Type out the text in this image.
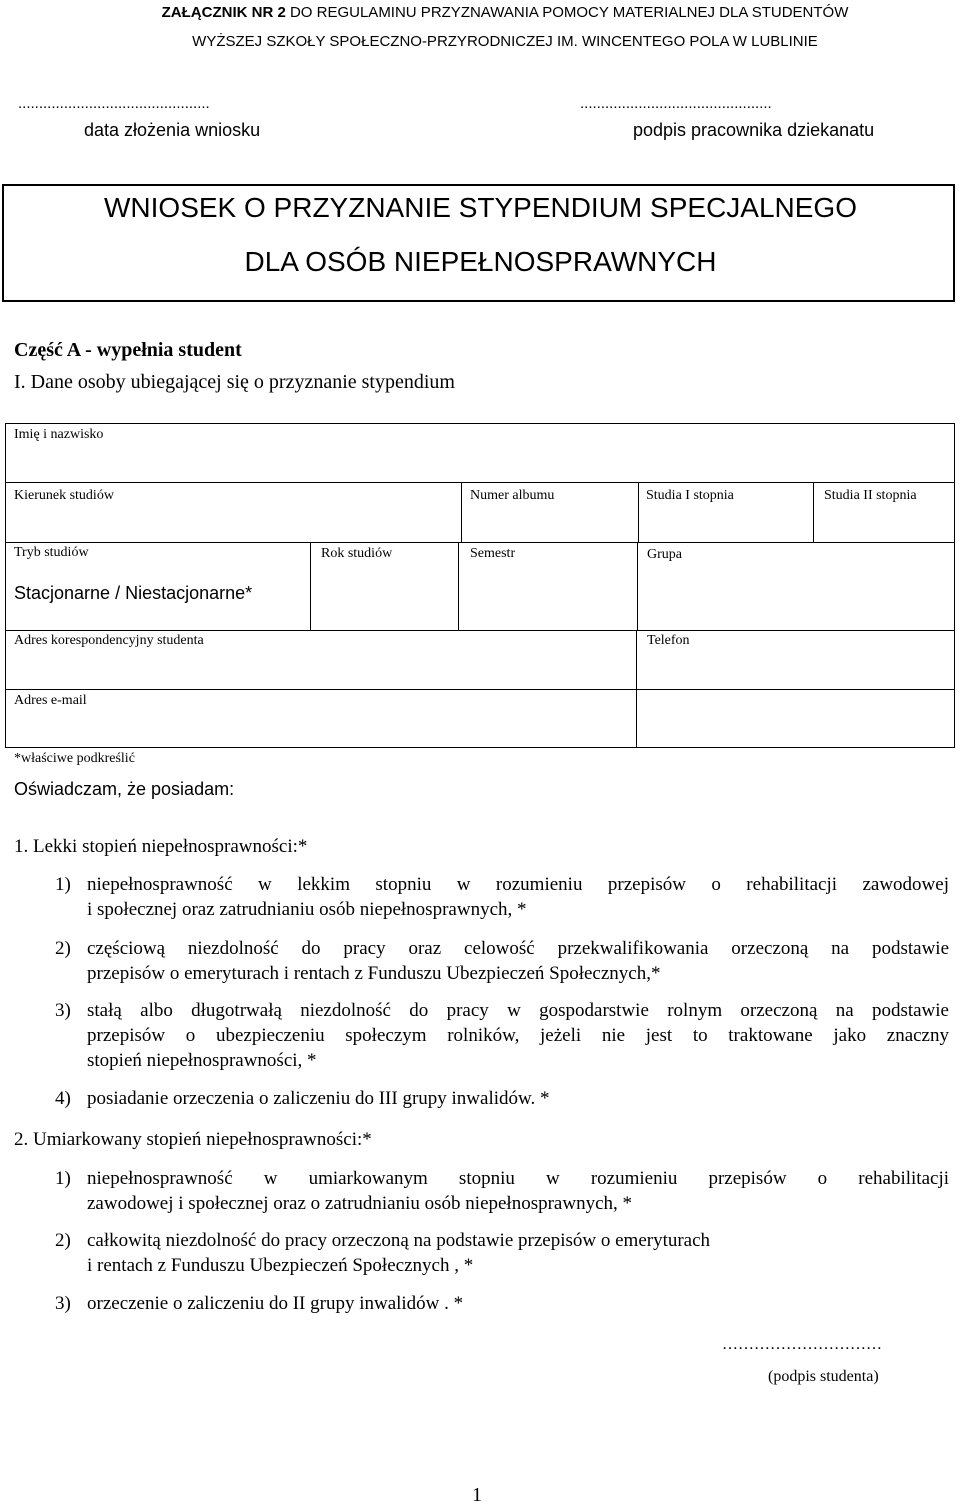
ZAŁĄCZNIK NR 2 DO REGULAMINU PRZYZNAWANIA POMOCY MATERIALNEJ DLA STUDENTÓW
WYŻSZEJ SZKOŁY SPOŁECZNO-PRZYRODNICZEJ IM. WINCENTEGO POLA W LUBLINIE
..............................................
data złożenia wniosku
..............................................
podpis pracownika dziekanatu
WNIOSEK O PRZYZNANIE STYPENDIUM SPECJALNEGO
DLA OSÓB NIEPEŁNOSPRAWNYCH
Część A - wypełnia student
I. Dane osoby ubiegającej się o przyznanie stypendium
Imię i nazwisko
Kierunek studiów	Numer albumu	Studia I stopnia	Studia II stopnia
Tryb studiów	Rok studiów	Semestr	Grupa
Stacjonarne / Niestacjonarne*
Adres korespondencyjny studenta	Telefon
Adres e-mail
*właściwe podkreślić
Oświadczam, że posiadam:
1. Lekki stopień niepełnosprawności:*
1) niepełnosprawność w lekkim stopniu w rozumieniu przepisów o rehabilitacji zawodowej
i społecznej oraz zatrudnianiu osób niepełnosprawnych, *
2) częściową niezdolność do pracy oraz celowość przekwalifikowania orzeczoną na podstawie
przepisów o emeryturach i rentach z Funduszu Ubezpieczeń Społecznych,*
3) stałą albo długotrwałą niezdolność do pracy w gospodarstwie rolnym orzeczoną na podstawie
przepisów o ubezpieczeniu społeczym rolników, jeżeli nie jest to traktowane jako znaczny
stopień niepełnosprawności, *
4) posiadanie orzeczenia o zaliczeniu do III grupy inwalidów. *
2. Umiarkowany stopień niepełnosprawności:*
1) niepełnosprawność w umiarkowanym stopniu w rozumieniu przepisów o rehabilitacji
zawodowej i społecznej oraz o zatrudnianiu osób niepełnosprawnych, *
2) całkowitą niezdolność do pracy orzeczoną na podstawie przepisów o emeryturach
i rentach z Funduszu Ubezpieczeń Społecznych , *
3) orzeczenie o zaliczeniu do II grupy inwalidów . *
…………………………
(podpis studenta)
1
